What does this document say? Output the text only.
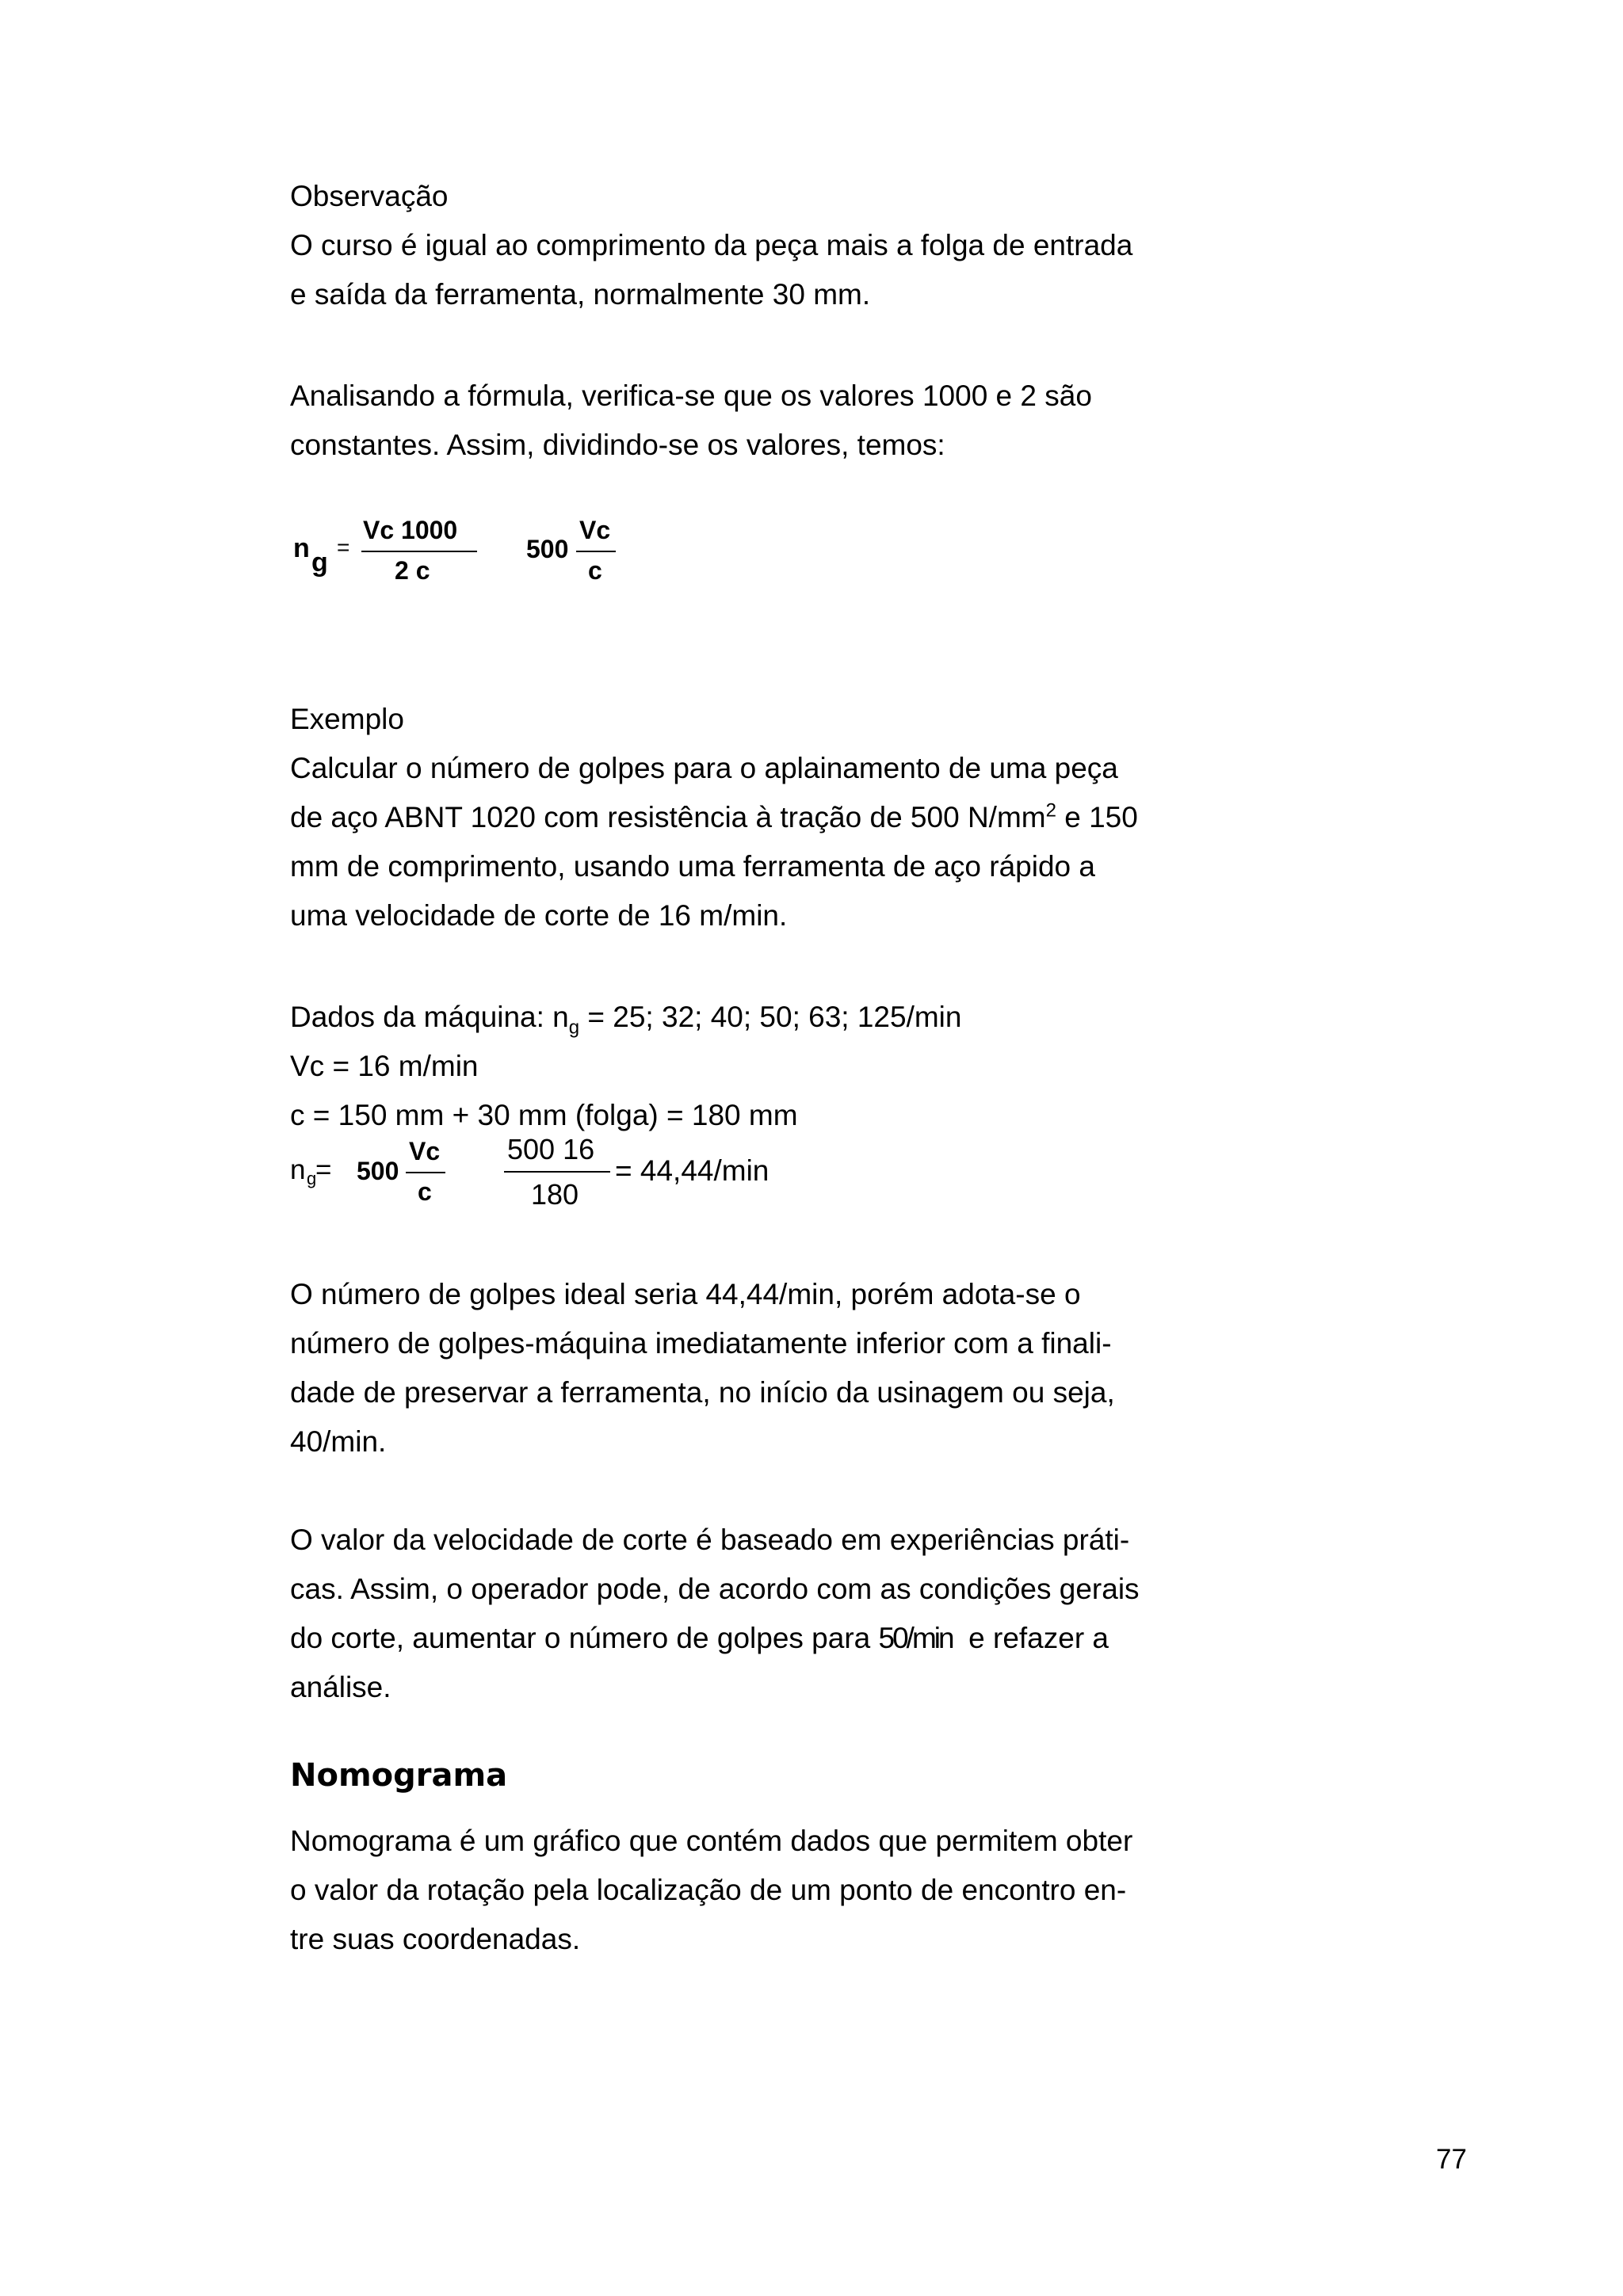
Observação
O curso é igual ao comprimento da peça mais a folga de entrada
e saída da ferramenta, normalmente 30 mm.
Analisando a fórmula, verifica-se que os valores 1000 e 2 são
constantes. Assim, dividindo-se os valores, temos:
n g
=
Vc 1000
2 c
500
Vc
c
Exemplo
Calcular o número de golpes para o aplainamento de uma peça
de aço ABNT 1020 com resistência à tração de 500 $N/mm^2$ e 150
mm de comprimento, usando uma ferramenta de aço rápido a
uma velocidade de corte de 16 m/min.
Dados da máquina: $n_g = 25$; 32; 40; 50; 63; 125/min
Vc = 16 m/min
c = 150 mm + 30 mm (folga) = 180 mm
n g
= 500
Vc
c
500 16
180
= 44,44/min
O número de golpes ideal seria 44,44/min, porém adota-se o
número de golpes-máquina imediatamente inferior com a finali-
dade de preservar a ferramenta, no início da usinagem ou seja,
40/min.
O valor da velocidade de corte é baseado em experiências práti-
cas. Assim, o operador pode, de acordo com as condições gerais
do corte, aumentar o número de golpes para 50/min  e refazer a
análise.
Nomograma
Nomograma é um gráfico que contém dados que permitem obter
o valor da rotação pela localização de um ponto de encontro en-
tre suas coordenadas.
77
